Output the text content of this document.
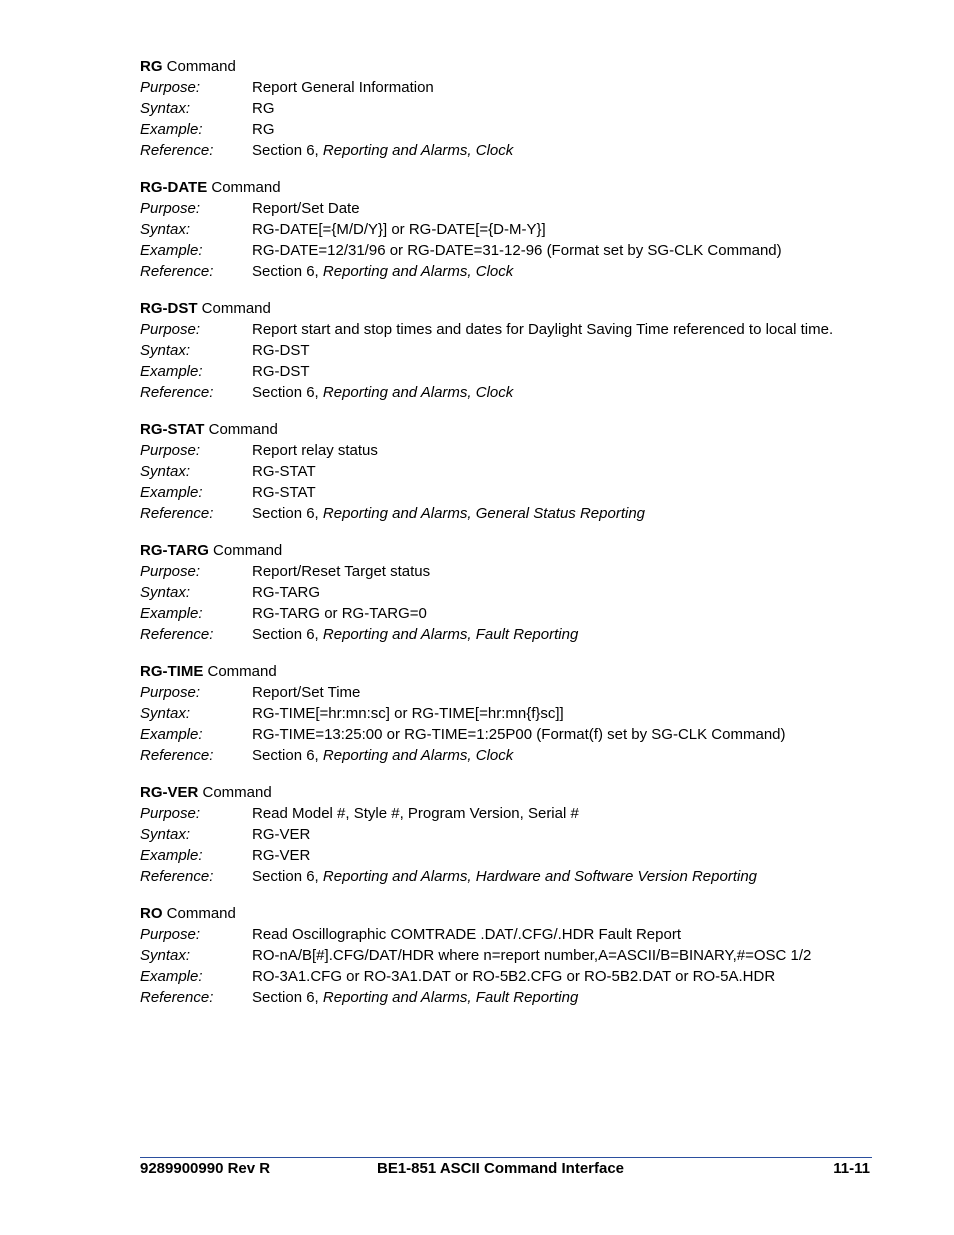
RG Command
Purpose:	Report General Information
Syntax:	RG
Example:	RG
Reference:	Section 6, Reporting and Alarms, Clock
RG-DATE Command
Purpose:	Report/Set Date
Syntax:	RG-DATE[={M/D/Y}] or RG-DATE[={D-M-Y}]
Example:	RG-DATE=12/31/96 or RG-DATE=31-12-96 (Format set by SG-CLK Command)
Reference:	Section 6, Reporting and Alarms, Clock
RG-DST Command
Purpose:	Report start and stop times and dates for Daylight Saving Time referenced to local time.
Syntax:	RG-DST
Example:	RG-DST
Reference:	Section 6, Reporting and Alarms, Clock
RG-STAT Command
Purpose:	Report relay status
Syntax:	RG-STAT
Example:	RG-STAT
Reference:	Section 6, Reporting and Alarms, General Status Reporting
RG-TARG Command
Purpose:	Report/Reset Target status
Syntax:	RG-TARG
Example:	RG-TARG or RG-TARG=0
Reference:	Section 6, Reporting and Alarms, Fault Reporting
RG-TIME Command
Purpose:	Report/Set Time
Syntax:	RG-TIME[=hr:mn:sc] or RG-TIME[=hr:mn{f}sc]]
Example:	RG-TIME=13:25:00 or RG-TIME=1:25P00 (Format(f) set by SG-CLK Command)
Reference:	Section 6, Reporting and Alarms, Clock
RG-VER Command
Purpose:	Read Model #, Style #, Program Version, Serial #
Syntax:	RG-VER
Example:	RG-VER
Reference:	Section 6, Reporting and Alarms, Hardware and Software Version Reporting
RO Command
Purpose:	Read Oscillographic COMTRADE .DAT/.CFG/.HDR Fault Report
Syntax:	RO-nA/B[#].CFG/DAT/HDR where n=report number,A=ASCII/B=BINARY,#=OSC 1/2
Example:	RO-3A1.CFG or RO-3A1.DAT or RO-5B2.CFG or RO-5B2.DAT or RO-5A.HDR
Reference:	Section 6, Reporting and Alarms, Fault Reporting
9289900990 Rev R	BE1-851 ASCII Command Interface	11-11
